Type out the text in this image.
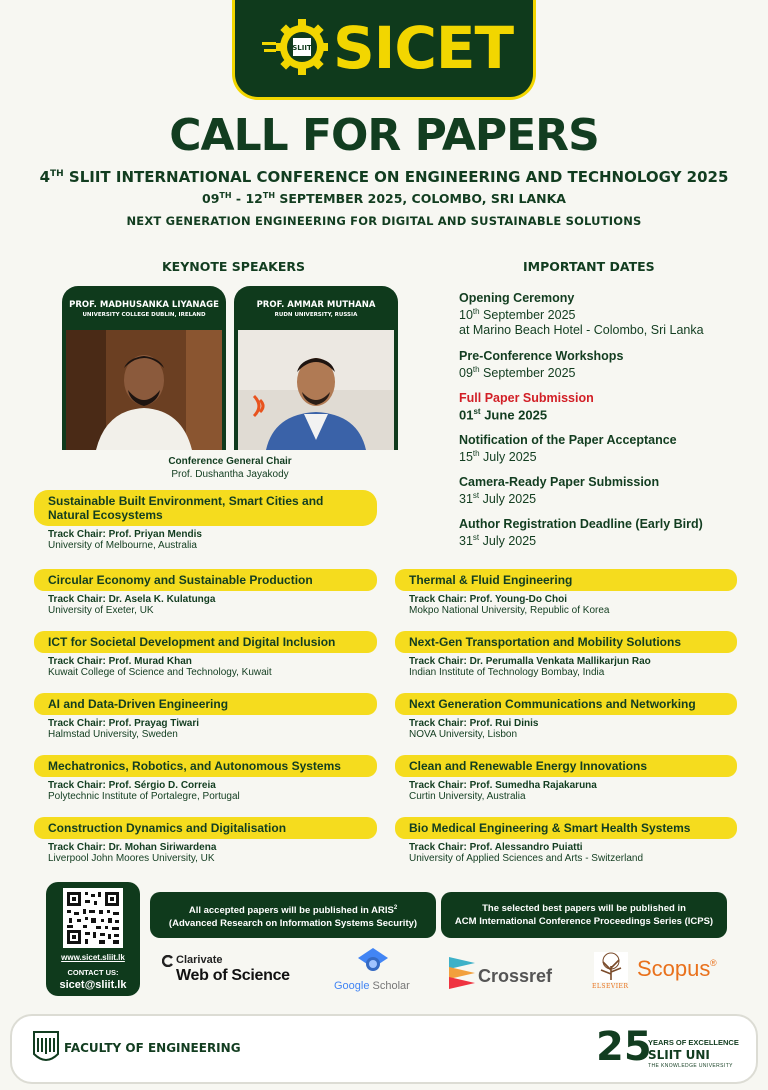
SLIIT SICET
CALL FOR PAPERS
4TH SLIIT INTERNATIONAL CONFERENCE ON ENGINEERING AND TECHNOLOGY 2025
09TH - 12TH SEPTEMBER 2025, COLOMBO, SRI LANKA
NEXT GENERATION ENGINEERING FOR DIGITAL AND SUSTAINABLE SOLUTIONS
KEYNOTE SPEAKERS
PROF. MADHUSANKA LIYANAGE
UNIVERSITY COLLEGE DUBLIN, IRELAND
PROF. AMMAR MUTHANA
RUDN UNIVERSITY, RUSSIA
Conference General Chair
Prof. Dushantha Jayakody
IMPORTANT DATES
Opening Ceremony
10th September 2025
at Marino Beach Hotel - Colombo, Sri Lanka
Pre-Conference Workshops
09th September 2025
Full Paper Submission
01st June 2025
Notification of the Paper Acceptance
15th July 2025
Camera-Ready Paper Submission
31st July 2025
Author Registration Deadline (Early Bird)
31st July 2025
Sustainable Built Environment, Smart Cities and Natural Ecosystems
Track Chair: Prof. Priyan Mendis
University of Melbourne, Australia
Circular Economy and Sustainable Production
Track Chair: Dr. Asela K. Kulatunga
University of Exeter, UK
ICT for Societal Development and Digital Inclusion
Track Chair: Prof. Murad Khan
Kuwait College of Science and Technology, Kuwait
AI and Data-Driven Engineering
Track Chair: Prof. Prayag Tiwari
Halmstad University, Sweden
Mechatronics, Robotics, and Autonomous Systems
Track Chair: Prof. Sérgio D. Correia
Polytechnic Institute of Portalegre, Portugal
Construction Dynamics and Digitalisation
Track Chair: Dr. Mohan Siriwardena
Liverpool John Moores University, UK
Thermal & Fluid Engineering
Track Chair: Prof. Young-Do Choi
Mokpo National University, Republic of Korea
Next-Gen Transportation and Mobility Solutions
Track Chair: Dr. Perumalla Venkata Mallikarjun Rao
Indian Institute of Technology Bombay, India
Next Generation Communications and Networking
Track Chair: Prof. Rui Dinis
NOVA University, Lisbon
Clean and Renewable Energy Innovations
Track Chair: Prof. Sumedha Rajakaruna
Curtin University, Australia
Bio Medical Engineering & Smart Health Systems
Track Chair: Prof. Alessandro Puiatti
University of Applied Sciences and Arts - Switzerland
www.sicet.sliit.lk
CONTACT US:
sicet@sliit.lk
All accepted papers will be published in ARIS$^2$
(Advanced Research on Information Systems Security)
The selected best papers will be published in
ACM International Conference Proceedings Series (ICPS)
Clarivate
Web of Science
Google Scholar	Crossref
ELSEVIER
Scopus ®
FACULTY OF ENGINEERING	25
YEARS OF EXCELLENCE
SLIIT UNI
THE KNOWLEDGE UNIVERSITY
